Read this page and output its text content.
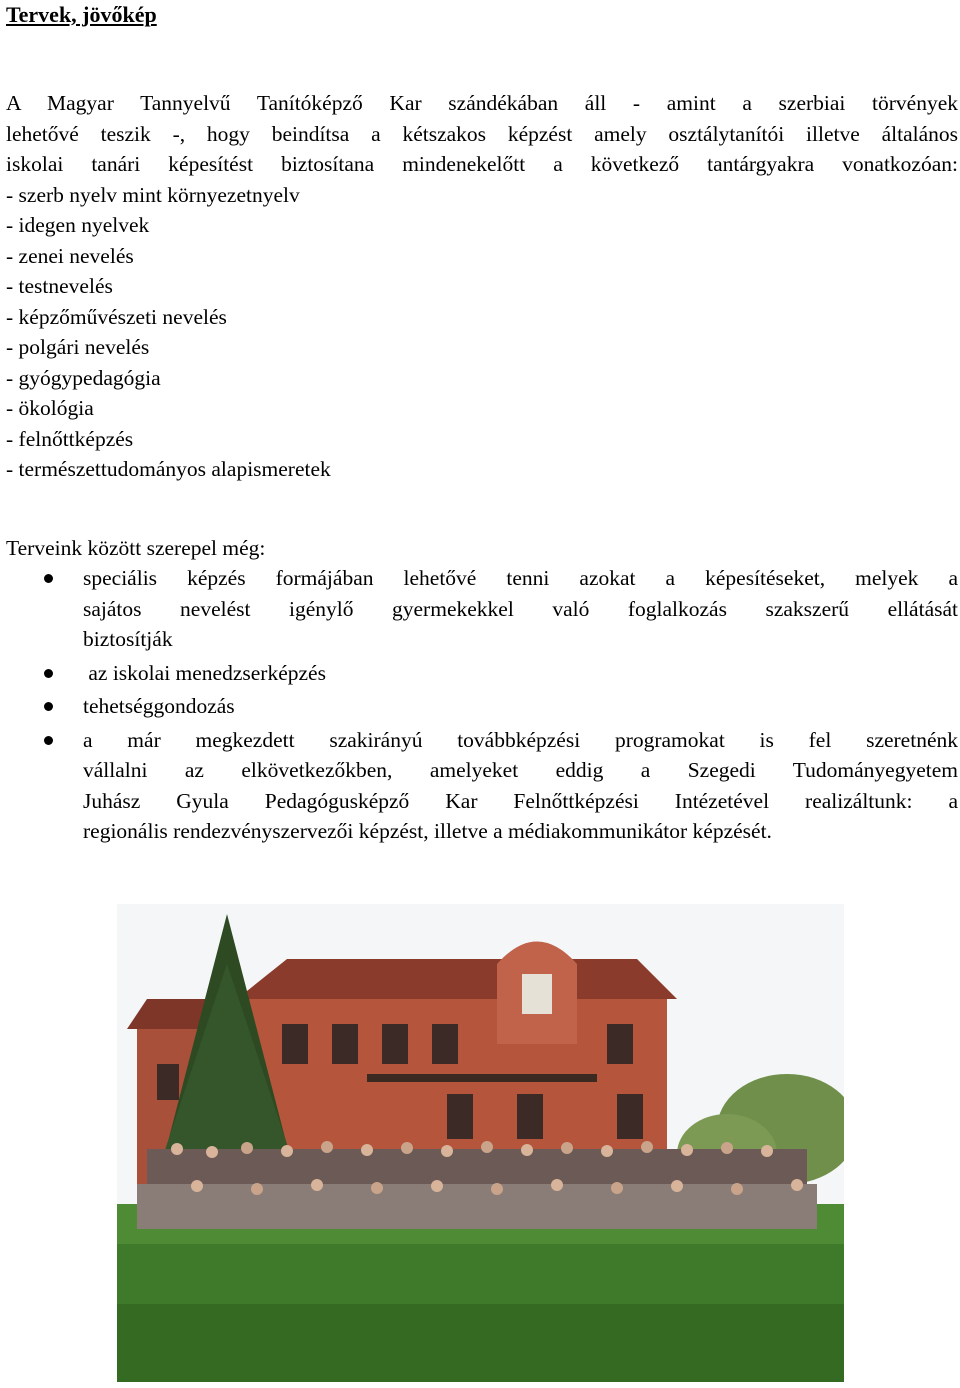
Tervek, jövőkép
A Magyar Tannyelvű Tanítóképző Kar szándékában áll - amint a szerbiai törvények
lehetővé teszik -, hogy beindítsa a kétszakos képzést amely osztálytanítói illetve általános
iskolai tanári képesítést biztosítana mindenekelőtt a következő tantárgyakra vonatkozóan:
- szerb nyelv mint környezetnyelv
- idegen nyelvek
- zenei nevelés
- testnevelés
- képzőművészeti nevelés
- polgári nevelés
- gyógypedagógia
- ökológia
- felnőttképzés
- természettudományos alapismeretek

Terveink között szerepel még:

speciális képzés formájában lehetővé tenni azokat a képesítéseket, melyek a
sajátos nevelést igénylő gyermekekkel való foglalkozás szakszerű ellátását
biztosítják
az iskolai menedzserképzés
tehetséggondozás
a már megkezdett szakirányú továbbképzési programokat is fel szeretnénk
vállalni az elkövetkezőkben, amelyeket eddig a Szegedi Tudományegyetem
Juhász Gyula Pedagógusképző Kar Felnőttképzési Intézetével realizáltunk: a
regionális rendezvényszervezői képzést, illetve a médiakommunikátor képzését.
